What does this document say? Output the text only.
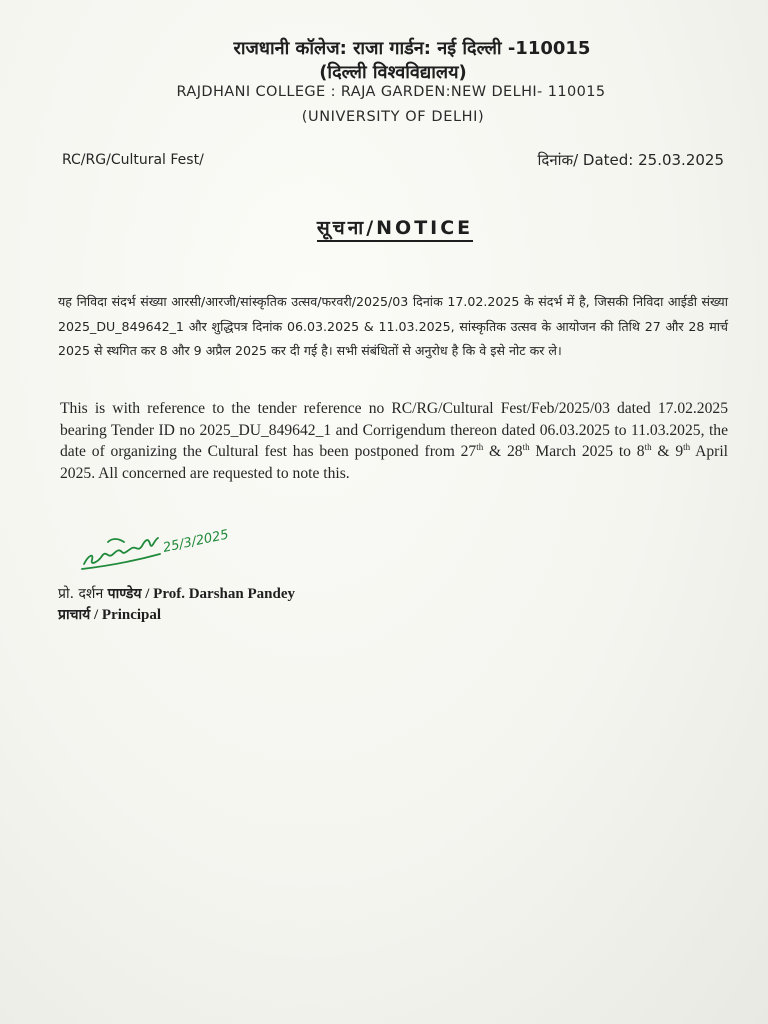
राजधानी कॉलेज: राजा गार्डन: नई दिल्ली -110015
(दिल्ली विश्वविद्यालय)
RAJDHANI COLLEGE : RAJA GARDEN:NEW DELHI- 110015
(UNIVERSITY OF DELHI)
RC/RG/Cultural Fest/	दिनांक/ Dated: 25.03.2025
सूचना/NOTICE
यह निविदा संदर्भ संख्या आरसी/आरजी/सांस्कृतिक उत्सव/फरवरी/2025/03 दिनांक 17.02.2025 के संदर्भ में है, जिसकी निविदा आईडी संख्या 2025_DU_849642_1 और शुद्धिपत्र दिनांक 06.03.2025 & 11.03.2025, सांस्कृतिक उत्सव के आयोजन की तिथि 27 और 28 मार्च 2025 से स्थगित कर 8 और 9 अप्रैल 2025 कर दी गई है। सभी संबंधितों से अनुरोध है कि वे इसे नोट कर ले।
This is with reference to the tender reference no RC/RG/Cultural Fest/Feb/2025/03 dated 17.02.2025 bearing Tender ID no 2025_DU_849642_1 and Corrigendum thereon dated 06.03.2025 to 11.03.2025, the date of organizing the Cultural fest has been postponed from 27th & 28th March 2025 to 8th & 9th April 2025. All concerned are requested to note this.
25/3/2025
प्रो. दर्शन पाण्डेय / Prof. Darshan Pandey
प्राचार्य / Principal
